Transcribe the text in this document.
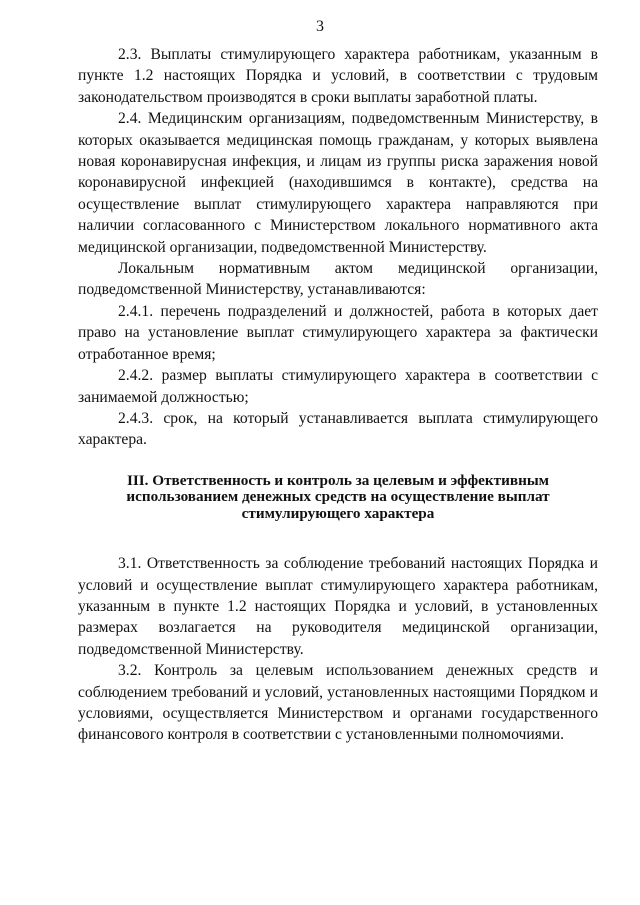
3

2.3. Выплаты стимулирующего характера работникам, указанным в пункте 1.2 настоящих Порядка и условий, в соответствии с трудовым законодательством производятся в сроки выплаты заработной платы.

2.4. Медицинским организациям, подведомственным Министерству, в которых оказывается медицинская помощь гражданам, у которых выявлена новая коронавирусная инфекция, и лицам из группы риска заражения новой коронавирусной инфекцией (находившимся в контакте), средства на осуществление выплат стимулирующего характера направляются при наличии согласованного с Министерством локального нормативного акта медицинской организации, подведомственной Министерству.

Локальным нормативным актом медицинской организации, подведомственной Министерству, устанавливаются:

2.4.1. перечень подразделений и должностей, работа в которых дает право на установление выплат стимулирующего характера за фактически отработанное время;

2.4.2. размер выплаты стимулирующего характера в соответствии с занимаемой должностью;

2.4.3. срок, на который устанавливается выплата стимулирующего характера.

III. Ответственность и контроль за целевым и эффективным использованием денежных средств на осуществление выплат стимулирующего характера

3.1. Ответственность за соблюдение требований настоящих Порядка и условий и осуществление выплат стимулирующего характера работникам, указанным в пункте 1.2 настоящих Порядка и условий, в установленных размерах возлагается на руководителя медицинской организации, подведомственной Министерству.

3.2. Контроль за целевым использованием денежных средств и соблюдением требований и условий, установленных настоящими Порядком и условиями, осуществляется Министерством и органами государственного финансового контроля в соответствии с установленными полномочиями.
